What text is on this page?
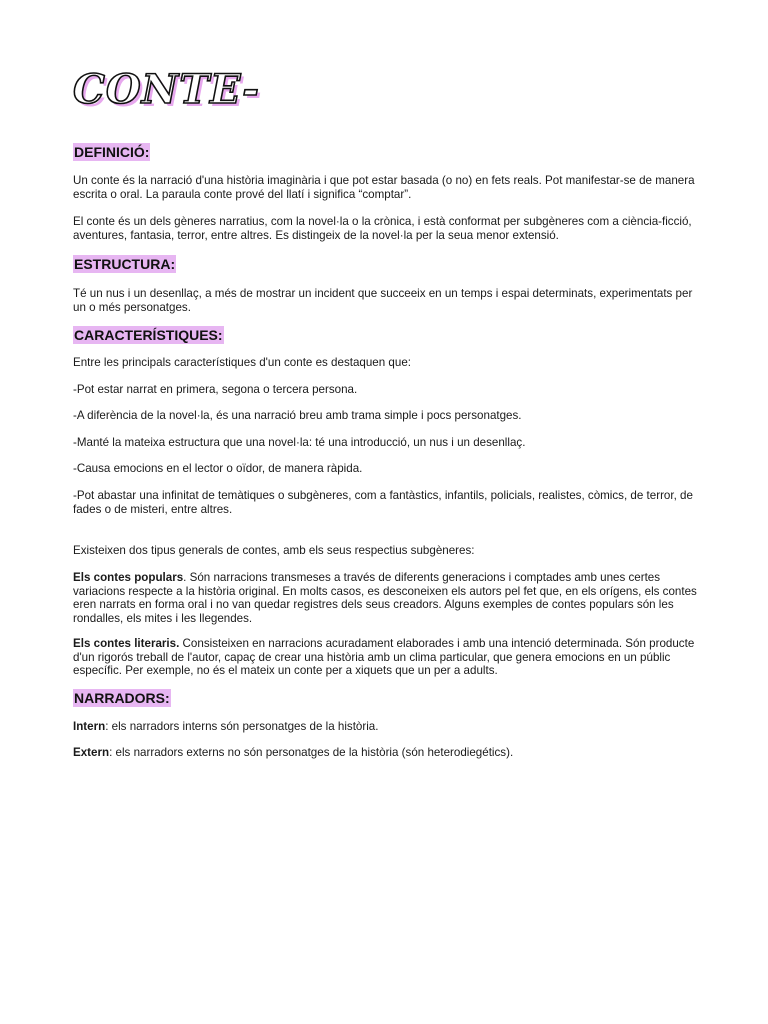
CONTE-
DEFINICIÓ:

Un conte és la narració d'una història imaginària i que pot estar basada (o no) en fets reals. Pot manifestar-se de manera escrita o oral. La paraula conte prové del llatí i significa “comptar”.

El conte és un dels gèneres narratius, com la novel·la o la crònica, i està conformat per subgèneres com a ciència-ficció, aventures, fantasia, terror, entre altres. Es distingeix de la novel·la per la seua menor extensió.

ESTRUCTURA:

Té un nus i un desenllaç, a més de mostrar un incident que succeeix en un temps i espai determinats, experimentats per un o més personatges.

CARACTERÍSTIQUES:

Entre les principals característiques d'un conte es destaquen que:

-Pot estar narrat en primera, segona o tercera persona.

-A diferència de la novel·la, és una narració breu amb trama simple i pocs personatges.

-Manté la mateixa estructura que una novel·la: té una introducció, un nus i un desenllaç.

-Causa emocions en el lector o oïdor, de manera ràpida.

-Pot abastar una infinitat de temàtiques o subgèneres, com a fantàstics, infantils, policials, realistes, còmics, de terror, de fades o de misteri, entre altres.

Existeixen dos tipus generals de contes, amb els seus respectius subgèneres:

Els contes populars. Són narracions transmeses a través de diferents generacions i comptades amb unes certes variacions respecte a la història original. En molts casos, es desconeixen els autors pel fet que, en els orígens, els contes eren narrats en forma oral i no van quedar registres dels seus creadors. Alguns exemples de contes populars són les rondalles, els mites i les llegendes.

Els contes literaris. Consisteixen en narracions acuradament elaborades i amb una intenció determinada. Són producte d'un rigorós treball de l'autor, capaç de crear una història amb un clima particular, que genera emocions en un públic específic. Per exemple, no és el mateix un conte per a xiquets que un per a adults.

NARRADORS:

Intern: els narradors interns són personatges de la història.

Extern: els narradors externs no són personatges de la història (són heterodiegétics).
